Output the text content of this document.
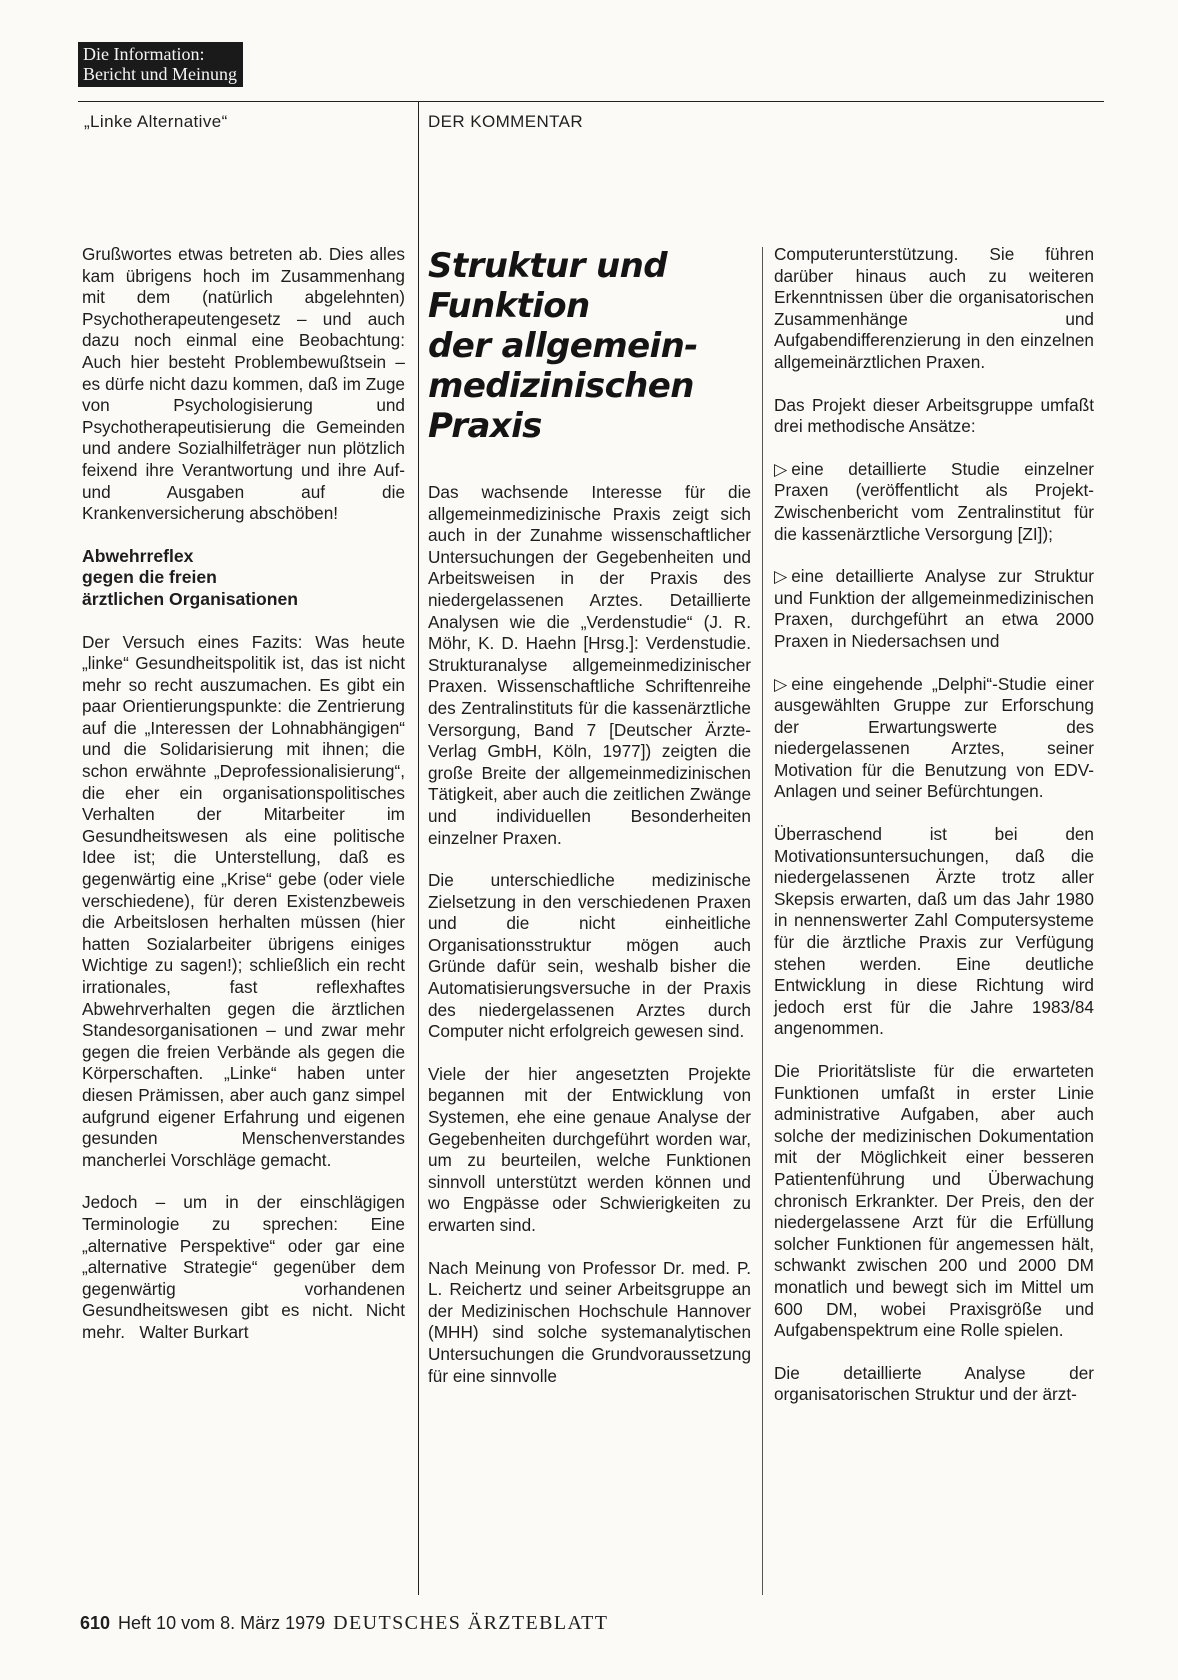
Die Information:
Bericht und Meinung
„Linke Alternative“	DER KOMMENTAR

Grußwortes etwas betreten ab. Dies alles kam übrigens hoch im Zusammenhang mit dem (natürlich abgelehnten) Psychotherapeutengesetz – und auch dazu noch einmal eine Beobachtung: Auch hier besteht Problembewußtsein – es dürfe nicht dazu kommen, daß im Zuge von Psychologisierung und Psychotherapeutisierung die Gemeinden und andere Sozialhilfeträger nun plötzlich feixend ihre Verantwortung und ihre Auf- und Ausgaben auf die Krankenversicherung abschöben!

Abwehrreflex
gegen die freien
ärztlichen Organisationen

Der Versuch eines Fazits: Was heute „linke“ Gesundheitspolitik ist, das ist nicht mehr so recht auszumachen. Es gibt ein paar Orientierungspunkte: die Zentrierung auf die „Interessen der Lohnabhängigen“ und die Solidarisierung mit ihnen; die schon erwähnte „Deprofessionalisierung“, die eher ein organisationspolitisches Verhalten der Mitarbeiter im Gesundheitswesen als eine politische Idee ist; die Unterstellung, daß es gegenwärtig eine „Krise“ gebe (oder viele verschiedene), für deren Existenzbeweis die Arbeitslosen herhalten müssen (hier hatten Sozialarbeiter übrigens einiges Wichtige zu sagen!); schließlich ein recht irrationales, fast reflexhaftes Abwehrverhalten gegen die ärztlichen Standesorganisationen – und zwar mehr gegen die freien Verbände als gegen die Körperschaften. „Linke“ haben unter diesen Prämissen, aber auch ganz simpel aufgrund eigener Erfahrung und eigenen gesunden Menschenverstandes mancherlei Vorschläge gemacht.

Jedoch – um in der einschlägigen Terminologie zu sprechen: Eine „alternative Perspektive“ oder gar eine „alternative Strategie“ gegenüber dem gegenwärtig vorhandenen Gesundheitswesen gibt es nicht. Nicht mehr. Walter Burkart

Struktur und
Funktion
der allgemein-
medizinischen
Praxis

Das wachsende Interesse für die allgemeinmedizinische Praxis zeigt sich auch in der Zunahme wissenschaftlicher Untersuchungen der Gegebenheiten und Arbeitsweisen in der Praxis des niedergelassenen Arztes. Detaillierte Analysen wie die „Verdenstudie“ (J. R. Möhr, K. D. Haehn [Hrsg.]: Verdenstudie. Strukturanalyse allgemeinmedizinischer Praxen. Wissenschaftliche Schriftenreihe des Zentralinstituts für die kassenärztliche Versorgung, Band 7 [Deutscher Ärzte-Verlag GmbH, Köln, 1977]) zeigten die große Breite der allgemeinmedizinischen Tätigkeit, aber auch die zeitlichen Zwänge und individuellen Besonderheiten einzelner Praxen.

Die unterschiedliche medizinische Zielsetzung in den verschiedenen Praxen und die nicht einheitliche Organisationsstruktur mögen auch Gründe dafür sein, weshalb bisher die Automatisierungsversuche in der Praxis des niedergelassenen Arztes durch Computer nicht erfolgreich gewesen sind.

Viele der hier angesetzten Projekte begannen mit der Entwicklung von Systemen, ehe eine genaue Analyse der Gegebenheiten durchgeführt worden war, um zu beurteilen, welche Funktionen sinnvoll unterstützt werden können und wo Engpässe oder Schwierigkeiten zu erwarten sind.

Nach Meinung von Professor Dr. med. P. L. Reichertz und seiner Arbeitsgruppe an der Medizinischen Hochschule Hannover (MHH) sind solche systemanalytischen Untersuchungen die Grundvoraussetzung für eine sinnvolle

Computerunterstützung. Sie führen darüber hinaus auch zu weiteren Erkenntnissen über die organisatorischen Zusammenhänge und Aufgabendifferenzierung in den einzelnen allgemeinärztlichen Praxen.

Das Projekt dieser Arbeitsgruppe umfaßt drei methodische Ansätze:

▷ eine detaillierte Studie einzelner Praxen (veröffentlicht als Projekt-Zwischenbericht vom Zentralinstitut für die kassenärztliche Versorgung [ZI]);

▷ eine detaillierte Analyse zur Struktur und Funktion der allgemeinmedizinischen Praxen, durchgeführt an etwa 2000 Praxen in Niedersachsen und

▷ eine eingehende „Delphi“-Studie einer ausgewählten Gruppe zur Erforschung der Erwartungswerte des niedergelassenen Arztes, seiner Motivation für die Benutzung von EDV-Anlagen und seiner Befürchtungen.

Überraschend ist bei den Motivationsuntersuchungen, daß die niedergelassenen Ärzte trotz aller Skepsis erwarten, daß um das Jahr 1980 in nennenswerter Zahl Computersysteme für die ärztliche Praxis zur Verfügung stehen werden. Eine deutliche Entwicklung in diese Richtung wird jedoch erst für die Jahre 1983/84 angenommen.

Die Prioritätsliste für die erwarteten Funktionen umfaßt in erster Linie administrative Aufgaben, aber auch solche der medizinischen Dokumentation mit der Möglichkeit einer besseren Patientenführung und Überwachung chronisch Erkrankter. Der Preis, den der niedergelassene Arzt für die Erfüllung solcher Funktionen für angemessen hält, schwankt zwischen 200 und 2000 DM monatlich und bewegt sich im Mittel um 600 DM, wobei Praxisgröße und Aufgabenspektrum eine Rolle spielen.

Die detaillierte Analyse der organisatorischen Struktur und der ärzt-

610 Heft 10 vom 8. März 1979 DEUTSCHES ÄRZTEBLATT
